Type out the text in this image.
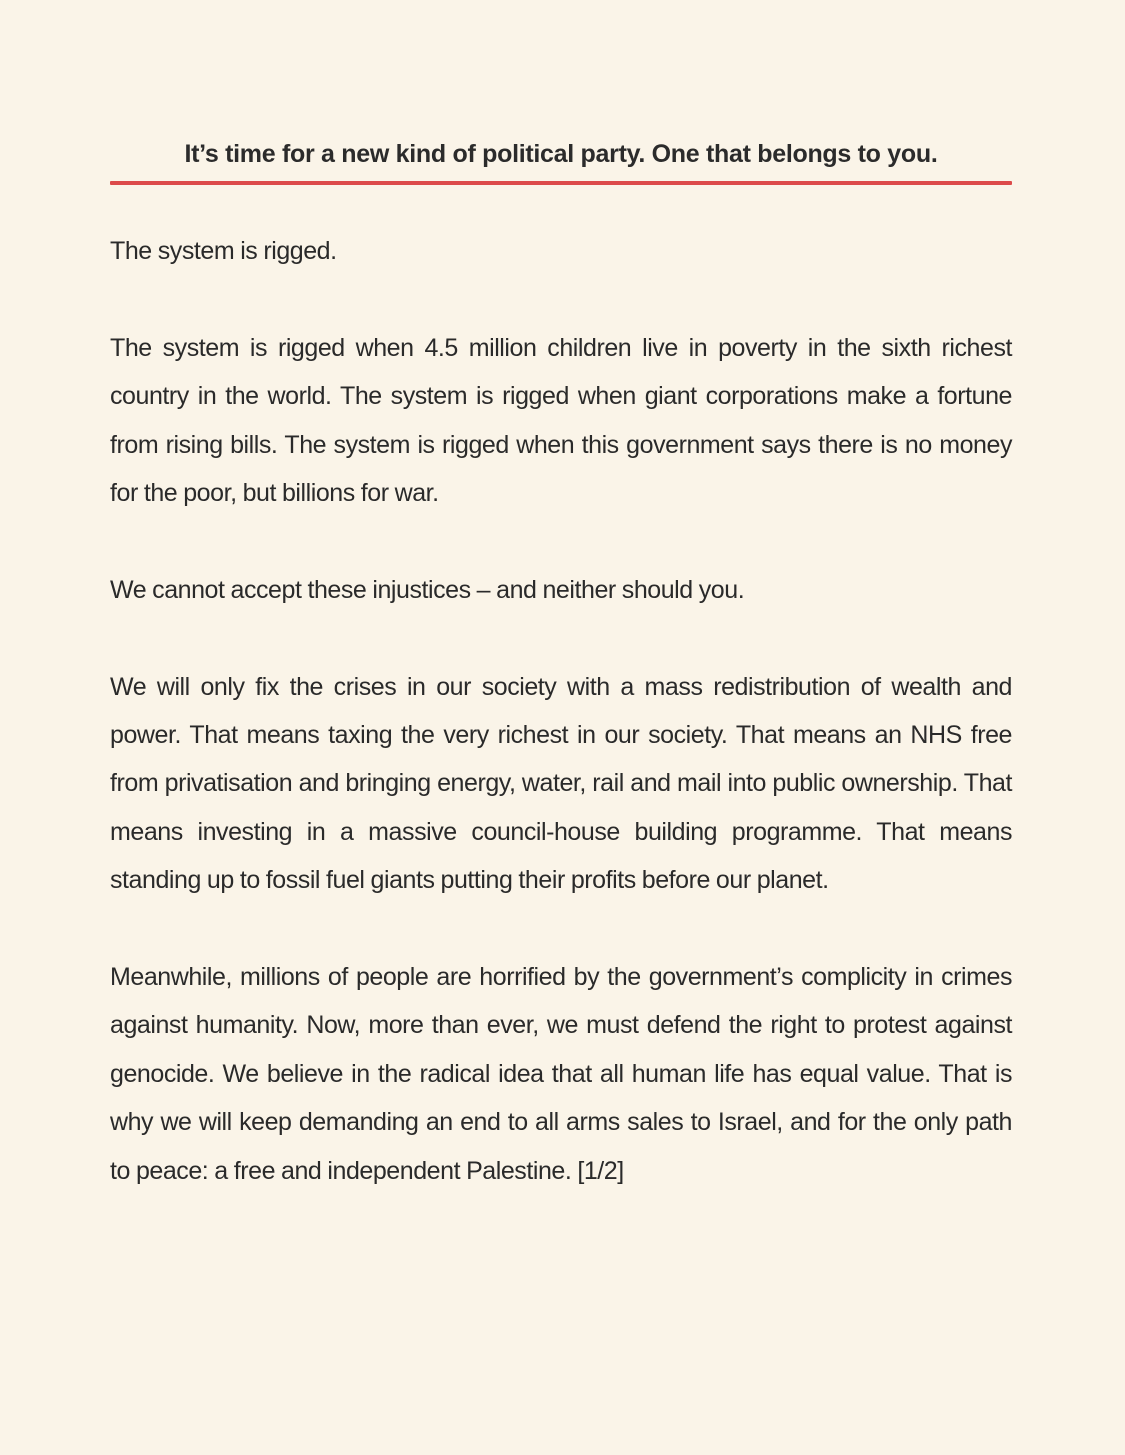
It’s time for a new kind of political party. One that belongs to you.

The system is rigged.

The system is rigged when 4.5 million children live in poverty in the sixth richest country in the world. The system is rigged when giant corporations make a fortune from rising bills. The system is rigged when this government says there is no money for the poor, but billions for war.

We cannot accept these injustices – and neither should you.

We will only fix the crises in our society with a mass redistribution of wealth and power. That means taxing the very richest in our society. That means an NHS free from privatisation and bringing energy, water, rail and mail into public ownership. That means investing in a massive council-house building programme. That means standing up to fossil fuel giants putting their profits before our planet.

Meanwhile, millions of people are horrified by the government’s complicity in crimes against humanity. Now, more than ever, we must defend the right to protest against genocide. We believe in the radical idea that all human life has equal value. That is why we will keep demanding an end to all arms sales to Israel, and for the only path to peace: a free and independent Palestine. [1/2]
